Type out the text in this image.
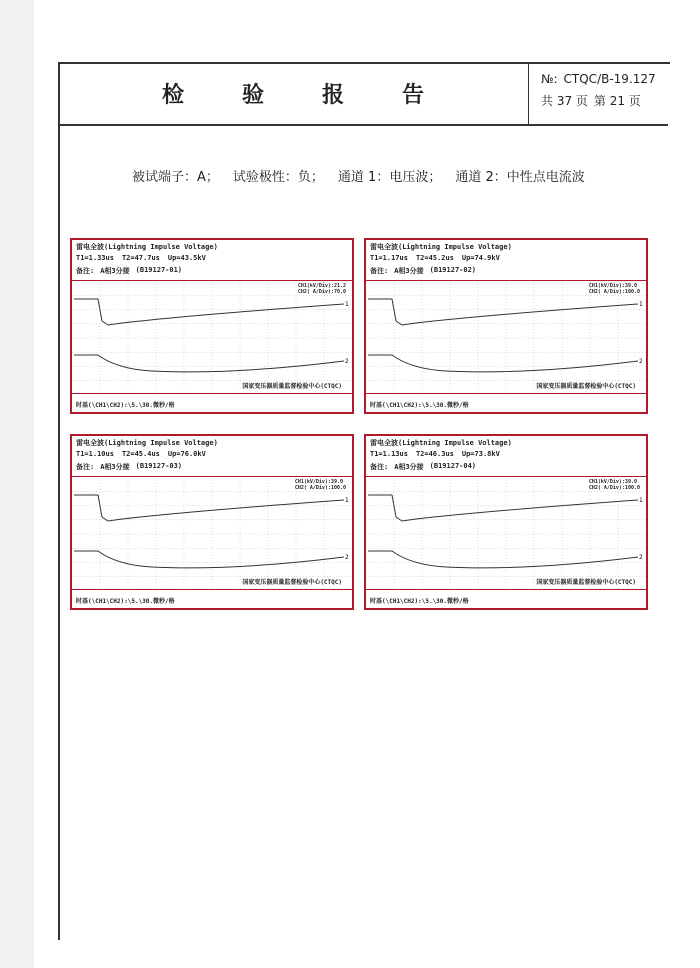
检	验	报	告
№: CTQC/B-19.127
共 37 页 第 21 页
被试端子：A； 试验极性：负； 通道 1：电压波； 通道 2：中性点电流波
雷电全波(Lightning Impulse Voltage)
T1=1.33us T2=47.7us Up=43.5kV
备注: A相3分接 (B19127-01)
1
2
CH1(kV/Div):21.2
CH2( A/Div):70.0
国家变压器质量监督检验中心(CTQC)
时基(\CH1\CH2):\5.\30.微秒/格
雷电全波(Lightning Impulse Voltage)
T1=1.17us T2=45.2us Up=74.9kV
备注: A相3分接 (B19127-02)
1
2
CH1(kV/Div):39.0
CH2( A/Div):100.0
国家变压器质量监督检验中心(CTQC)
时基(\CH1\CH2):\5.\30.微秒/格
雷电全波(Lightning Impulse Voltage)
T1=1.10us T2=45.4us Up=76.0kV
备注: A相3分接 (B19127-03)
1
2
CH1(kV/Div):39.0
CH2( A/Div):100.0
国家变压器质量监督检验中心(CTQC)
时基(\CH1\CH2):\5.\30.微秒/格
雷电全波(Lightning Impulse Voltage)
T1=1.13us T2=46.3us Up=73.8kV
备注: A相3分接 (B19127-04)
1
2
CH1(kV/Div):39.0
CH2( A/Div):100.0
国家变压器质量监督检验中心(CTQC)
时基(\CH1\CH2):\5.\30.微秒/格
